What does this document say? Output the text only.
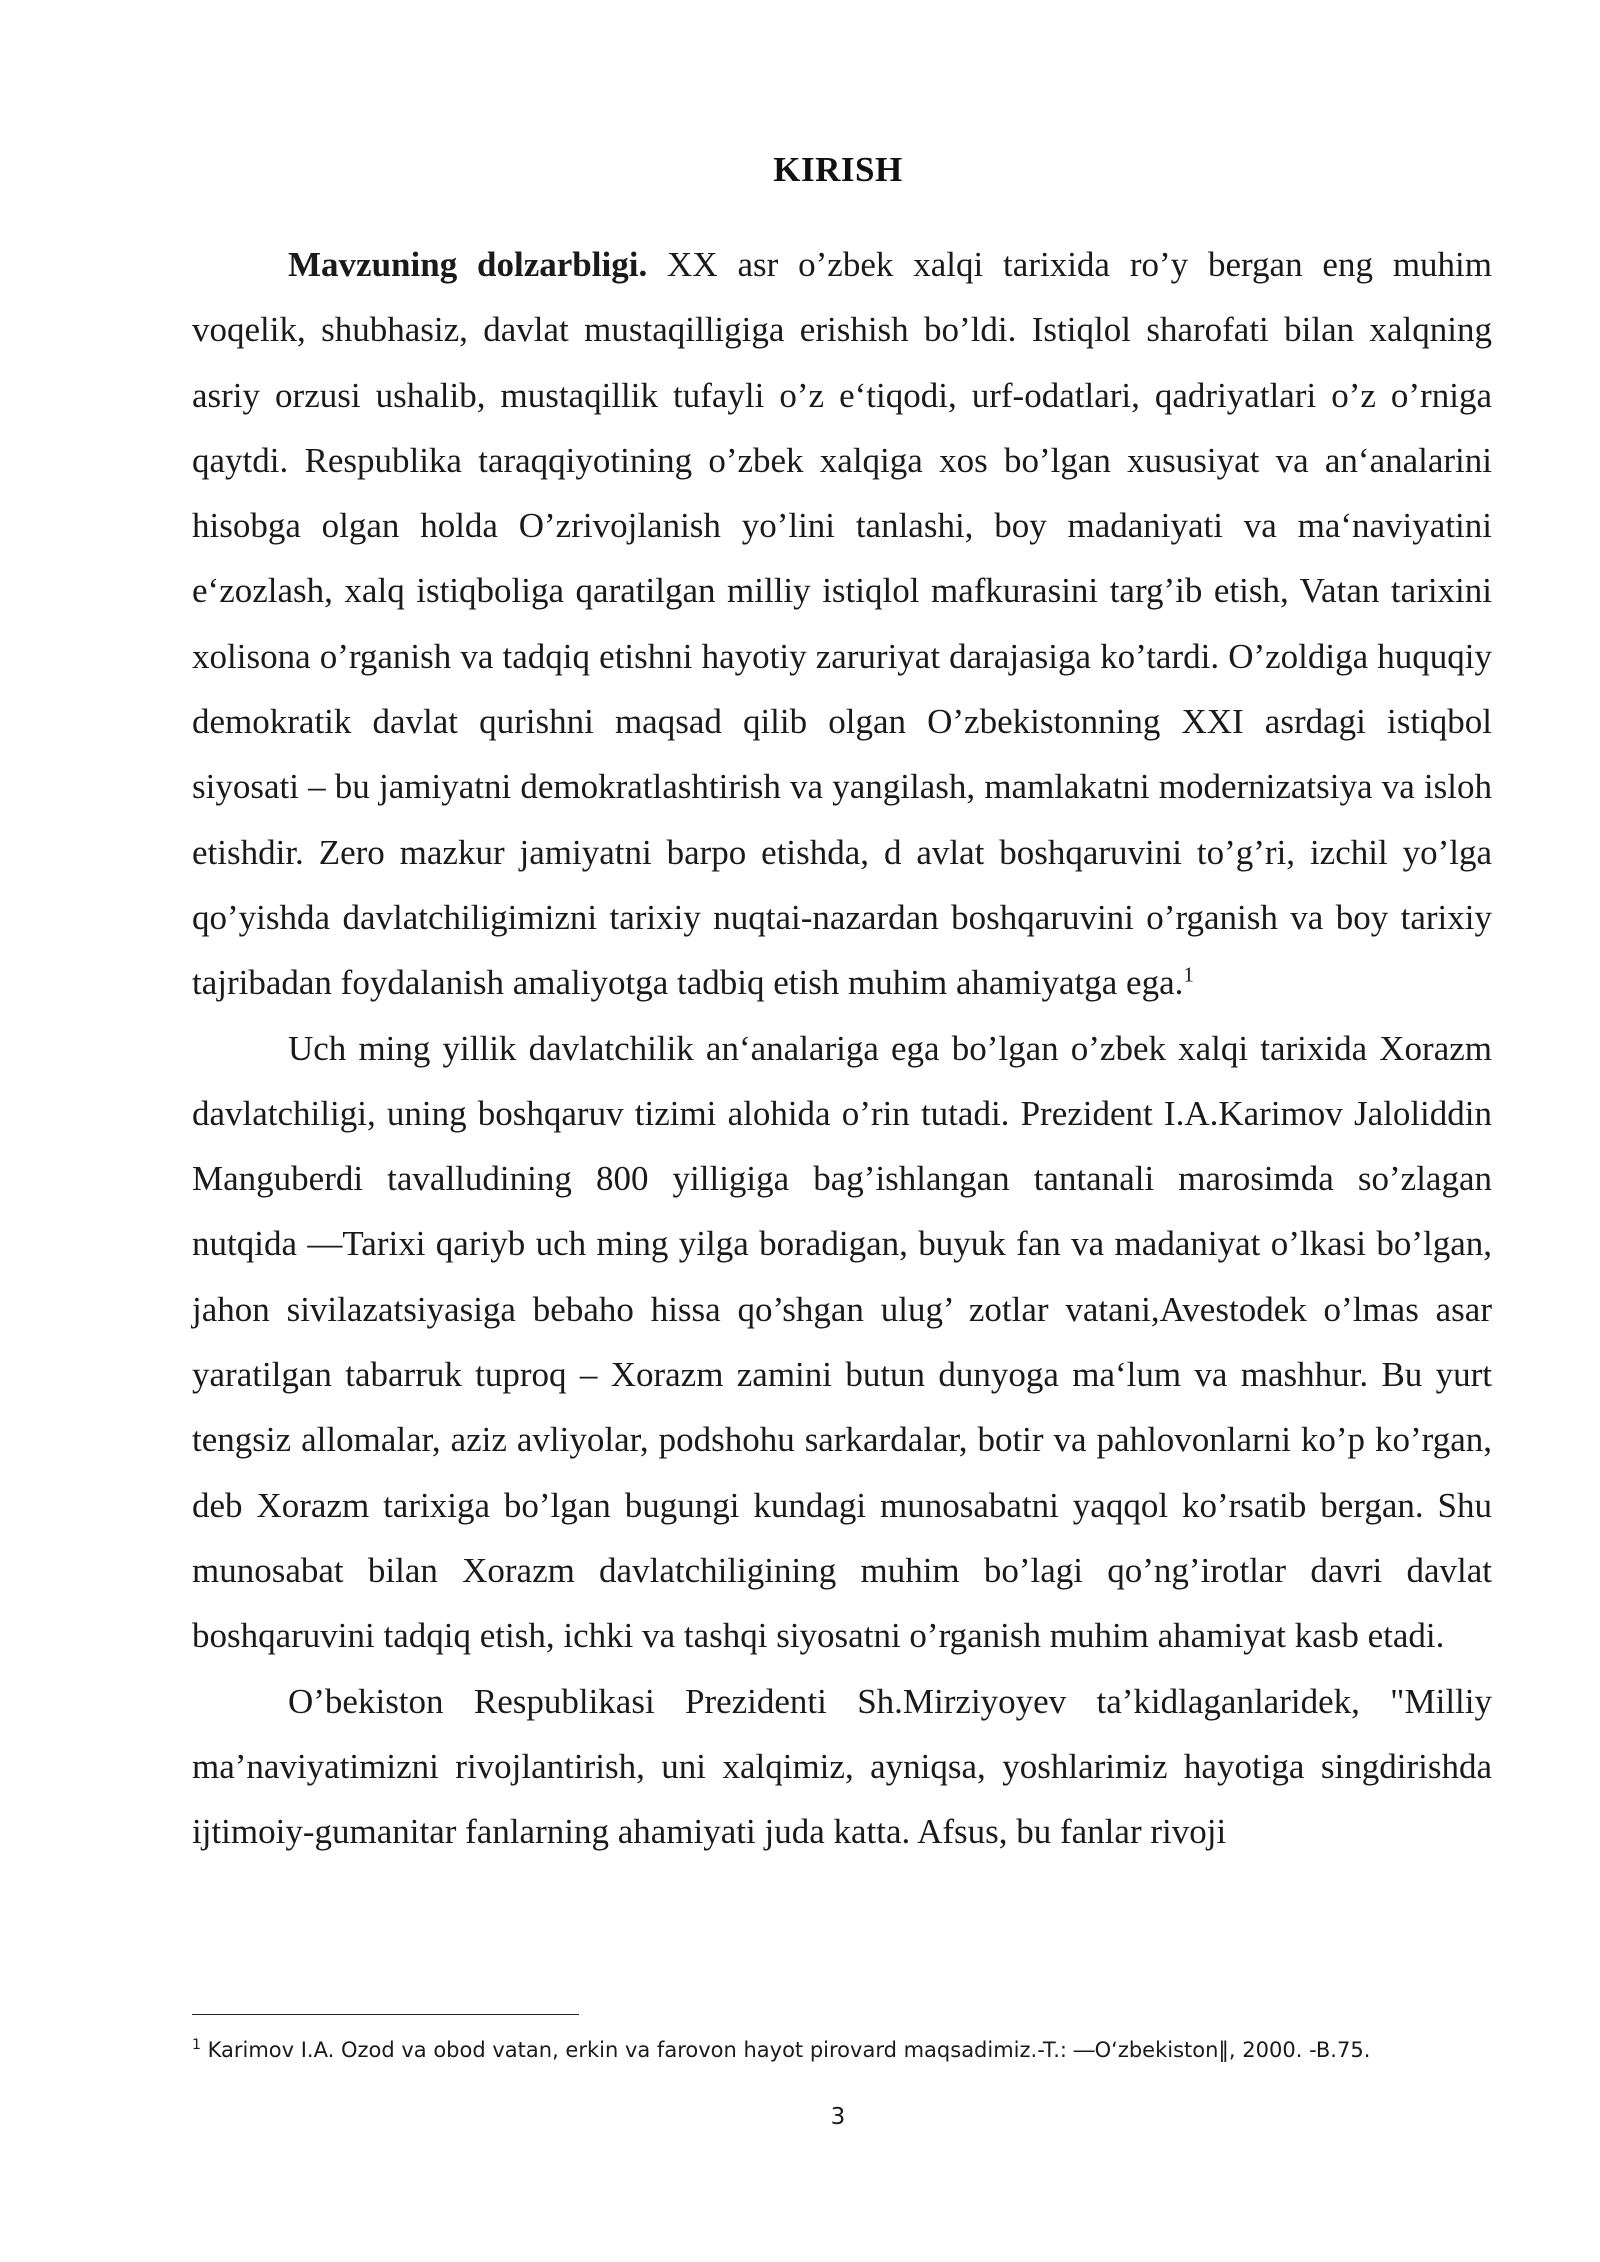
KIRISH

Mavzuning dolzarbligi. XX asr o’zbek xalqi tarixida ro’y bergan eng muhim voqelik, shubhasiz, davlat mustaqilligiga erishish bo’ldi. Istiqlol sharofati bilan xalqning asriy orzusi ushalib, mustaqillik tufayli o’z e‘tiqodi, urf-odatlari, qadriyatlari o’z o’rniga qaytdi. Respublika taraqqiyotining o’zbek xalqiga xos bo’lgan xususiyat va an‘analarini hisobga olgan holda O’zrivojlanish yo’lini tanlashi, boy madaniyati va ma‘naviyatini e‘zozlash, xalq istiqboliga qaratilgan milliy istiqlol mafkurasini targ’ib etish, Vatan tarixini xolisona o’rganish va tadqiq etishni hayotiy zaruriyat darajasiga ko’tardi. O’zoldiga huquqiy demokratik davlat qurishni maqsad qilib olgan O’zbekistonning XXI asrdagi istiqbol siyosati – bu jamiyatni demokratlashtirish va yangilash, mamlakatni modernizatsiya va isloh etishdir. Zero mazkur jamiyatni barpo etishda, d avlat boshqaruvini to’g’ri, izchil yo’lga qo’yishda davlatchiligimizni tarixiy nuqtai-nazardan boshqaruvini o’rganish va boy tarixiy tajribadan foydalanish amaliyotga tadbiq etish muhim ahamiyatga ega.$^1$

Uch ming yillik davlatchilik an‘analariga ega bo’lgan o’zbek xalqi tarixida Xorazm davlatchiligi, uning boshqaruv tizimi alohida o’rin tutadi. Prezident I.A.Karimov Jaloliddin Manguberdi tavalludining 800 yilligiga bag’ishlangan tantanali marosimda so’zlagan nutqida ―Tarixi qariyb uch ming yilga boradigan, buyuk fan va madaniyat o’lkasi bo’lgan, jahon sivilazatsiyasiga bebaho hissa qo’shgan ulug’ zotlar vatani,Avestodek o’lmas asar yaratilgan tabarruk tuproq – Xorazm zamini butun dunyoga ma‘lum va mashhur. Bu yurt tengsiz allomalar, aziz avliyolar, podshohu sarkardalar, botir va pahlovonlarni ko’p ko’rgan, deb Xorazm tarixiga bo’lgan bugungi kundagi munosabatni yaqqol ko’rsatib bergan. Shu munosabat bilan Xorazm davlatchiligining muhim bo’lagi qo’ng’irotlar davri davlat boshqaruvini tadqiq etish, ichki va tashqi siyosatni o’rganish muhim ahamiyat kasb etadi.

O’bekiston Respublikasi Prezidenti Sh.Mirziyoyev ta’kidlaganlaridek, "Milliy ma’naviyatimizni rivojlantirish, uni xalqimiz, ayniqsa, yoshlarimiz hayotiga singdirishda ijtimoiy-gumanitar fanlarning ahamiyati juda katta. Afsus, bu fanlar rivoji

$^1$ Karimov I.A. Ozod va obod vatan, erkin va farovon hayot pirovard maqsadimiz.-T.: ―O‘zbekiston‖, 2000. -B.75.
3
